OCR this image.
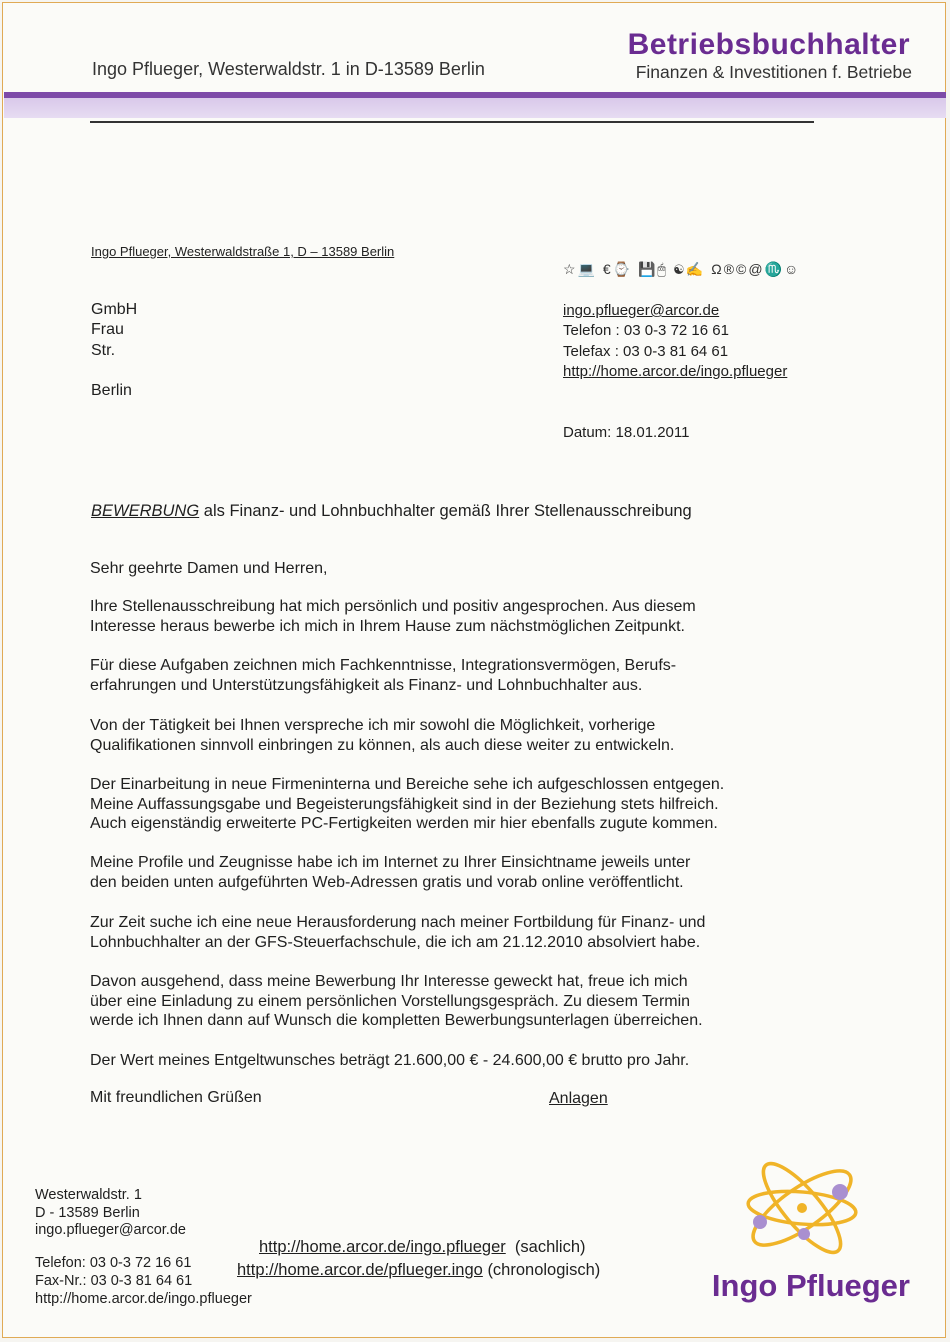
Ingo Pflueger, Westerwaldstr. 1 in D-13589 Berlin
Betriebsbuchhalter
Finanzen & Investitionen f. Betriebe
Ingo Pflueger, Westerwaldstraße 1, D – 13589 Berlin
☆💻 €⌚ 💾🖱 ☯✍ Ω®©@♏☺
GmbH
Frau
Str.
Berlin
ingo.pflueger@arcor.de
Telefon : 03 0-3 72 16 61
Telefax : 03 0-3 81 64 61
http://home.arcor.de/ingo.pflueger
Datum: 18.01.2011
BEWERBUNG als Finanz- und Lohnbuchhalter gemäß Ihrer Stellenausschreibung

Sehr geehrte Damen und Herren,

Ihre Stellenausschreibung hat mich persönlich und positiv angesprochen. Aus diesem

Interesse heraus bewerbe ich mich in Ihrem Hause zum nächstmöglichen Zeitpunkt.

Für diese Aufgaben zeichnen mich Fachkenntnisse, Integrationsvermögen, Berufs-

erfahrungen und Unterstützungsfähigkeit als Finanz- und Lohnbuchhalter aus.

Von der Tätigkeit bei Ihnen verspreche ich mir sowohl die Möglichkeit, vorherige

Qualifikationen sinnvoll einbringen zu können, als auch diese weiter zu entwickeln.

Der Einarbeitung in neue Firmeninterna und Bereiche sehe ich aufgeschlossen entgegen.

Meine Auffassungsgabe und Begeisterungsfähigkeit sind in der Beziehung stets hilfreich.

Auch eigenständig erweiterte PC-Fertigkeiten werden mir hier ebenfalls zugute kommen.

Meine Profile und Zeugnisse habe ich im Internet zu Ihrer Einsichtname jeweils unter

den beiden unten aufgeführten Web-Adressen gratis und vorab online veröffentlicht.

Zur Zeit suche ich eine neue Herausforderung nach meiner Fortbildung für Finanz- und

Lohnbuchhalter an der GFS-Steuerfachschule, die ich am 21.12.2010 absolviert habe.

Davon ausgehend, dass meine Bewerbung Ihr Interesse geweckt hat, freue ich mich

über eine Einladung zu einem persönlichen Vorstellungsgespräch. Zu diesem Termin

werde ich Ihnen dann auf Wunsch die kompletten Bewerbungsunterlagen überreichen.

Der Wert meines Entgeltwunsches beträgt 21.600,00 € - 24.600,00 € brutto pro Jahr.

Mit freundlichen Grüßen	Anlagen
Westerwaldstr. 1
D - 13589 Berlin
ingo.pflueger@arcor.de
Telefon: 03 0-3 72 16 61
Fax-Nr.: 03 0-3 81 64 61
http://home.arcor.de/ingo.pflueger
http://home.arcor.de/ingo.pflueger (sachlich)
http://home.arcor.de/pflueger.ingo (chronologisch)	Ingo Pflueger
